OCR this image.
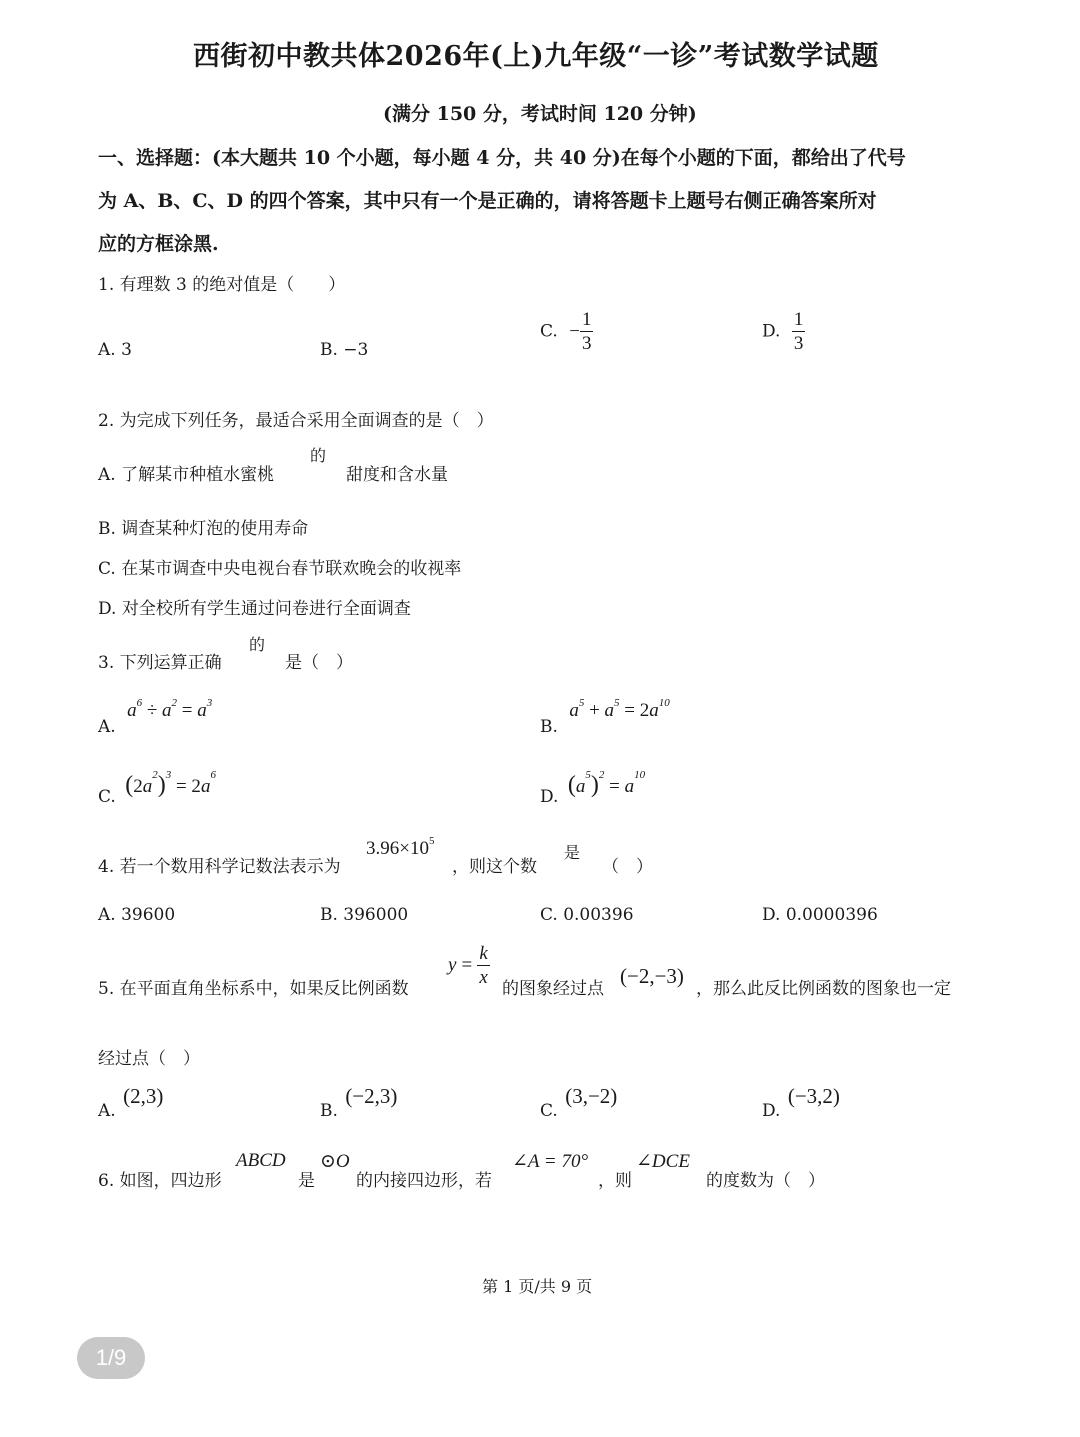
西街初中教共体2026年(上)九年级“一诊”考试数学试题
(满分 150 分，考试时间 120 分钟)
一、选择题：(本大题共 10 个小题，每小题 4 分，共 40 分)在每个小题的下面，都给出了代号
为 A、B、C、D 的四个答案，其中只有一个是正确的，请将答题卡上题号右侧正确答案所对
应的方框涂黑.
1. 有理数 3 的绝对值是（　　）
A. 3	B. −3
C. − $\frac{1}{3}$	D. $\frac{1}{3}$
2. 为完成下列任务，最适合采用全面调查的是（　）
A. 了解某市种植水蜜桃
的
甜度和含水量
B. 调查某种灯泡的使用寿命
C. 在某市调查中央电视台春节联欢晚会的收视率
D. 对全校所有学生通过问卷进行全面调查
3. 下列运算正确
的
是（　）
A. $a^6 \div a^2 = a^3$
B. $a^5 + a^5 = 2a^{10}$
C. $(2a^2)^3 = 2a^6$
D. $(a^5)^2 = a^{10}$
4. 若一个数用科学记数法表示为
$3.96\times 10^5$
，则这个数
是
（　）
A. 39600	B. 396000	C. 0.00396	D. 0.0000396
5. 在平面直角坐标系中，如果反比例函数
$y = \frac{k}{x}$
的图象经过点
(−2,−3)
，那么此反比例函数的图象也一定
经过点（　）
A. (2,3)
B. (−2,3)
C. (3,−2)
D. (−3,2)
6. 如图，四边形
ABCD
是
⊙O
的内接四边形，若
∠A = 70°
，则
∠DCE
的度数为（　）
第 1 页/共 9 页
1/9
